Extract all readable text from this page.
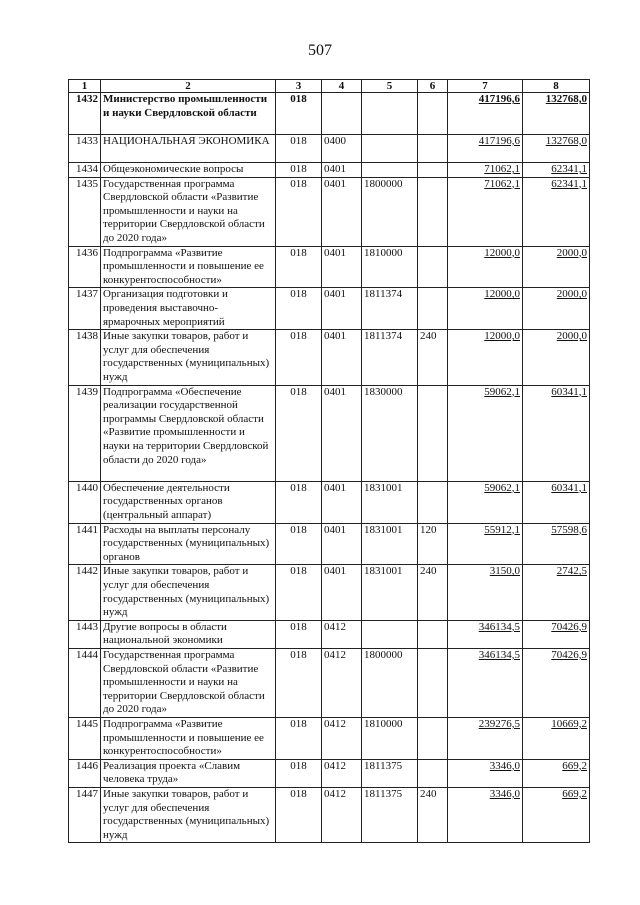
507
1	2	3	4	5	6	7	8
1432	Министерство промышленности и науки Свердловской области	018				417196,6	132768,0
1433	НАЦИОНАЛЬНАЯ ЭКОНОМИКА	018	0400			417196,6	132768,0
1434	Общеэкономические вопросы	018	0401			71062,1	62341,1
1435	Государственная программа Свердловской области «Развитие промышленности и науки на территории Свердловской области до 2020 года»	018	0401	1800000		71062,1	62341,1
1436	Подпрограмма «Развитие промышленности и повышение ее конкурентоспособности»	018	0401	1810000		12000,0	2000,0
1437	Организация подготовки и проведения выставочно-ярмарочных мероприятий	018	0401	1811374		12000,0	2000,0
1438	Иные закупки товаров, работ и услуг для обеспечения государственных (муниципальных) нужд	018	0401	1811374	240	12000,0	2000,0
1439	Подпрограмма «Обеспечение реализации государственной программы Свердловской области «Развитие промышленности и науки на территории Свердловской области до 2020 года»	018	0401	1830000		59062,1	60341,1
1440	Обеспечение деятельности государственных органов (центральный аппарат)	018	0401	1831001		59062,1	60341,1
1441	Расходы на выплаты персоналу государственных (муниципальных) органов	018	0401	1831001	120	55912,1	57598,6
1442	Иные закупки товаров, работ и услуг для обеспечения государственных (муниципальных) нужд	018	0401	1831001	240	3150,0	2742,5
1443	Другие вопросы в области национальной экономики	018	0412			346134,5	70426,9
1444	Государственная программа Свердловской области «Развитие промышленности и науки на территории Свердловской области до 2020 года»	018	0412	1800000		346134,5	70426,9
1445	Подпрограмма «Развитие промышленности и повышение ее конкурентоспособности»	018	0412	1810000		239276,5	10669,2
1446	Реализация проекта «Славим человека труда»	018	0412	1811375		3346,0	669,2
1447	Иные закупки товаров, работ и услуг для обеспечения государственных (муниципальных) нужд	018	0412	1811375	240	3346,0	669,2
